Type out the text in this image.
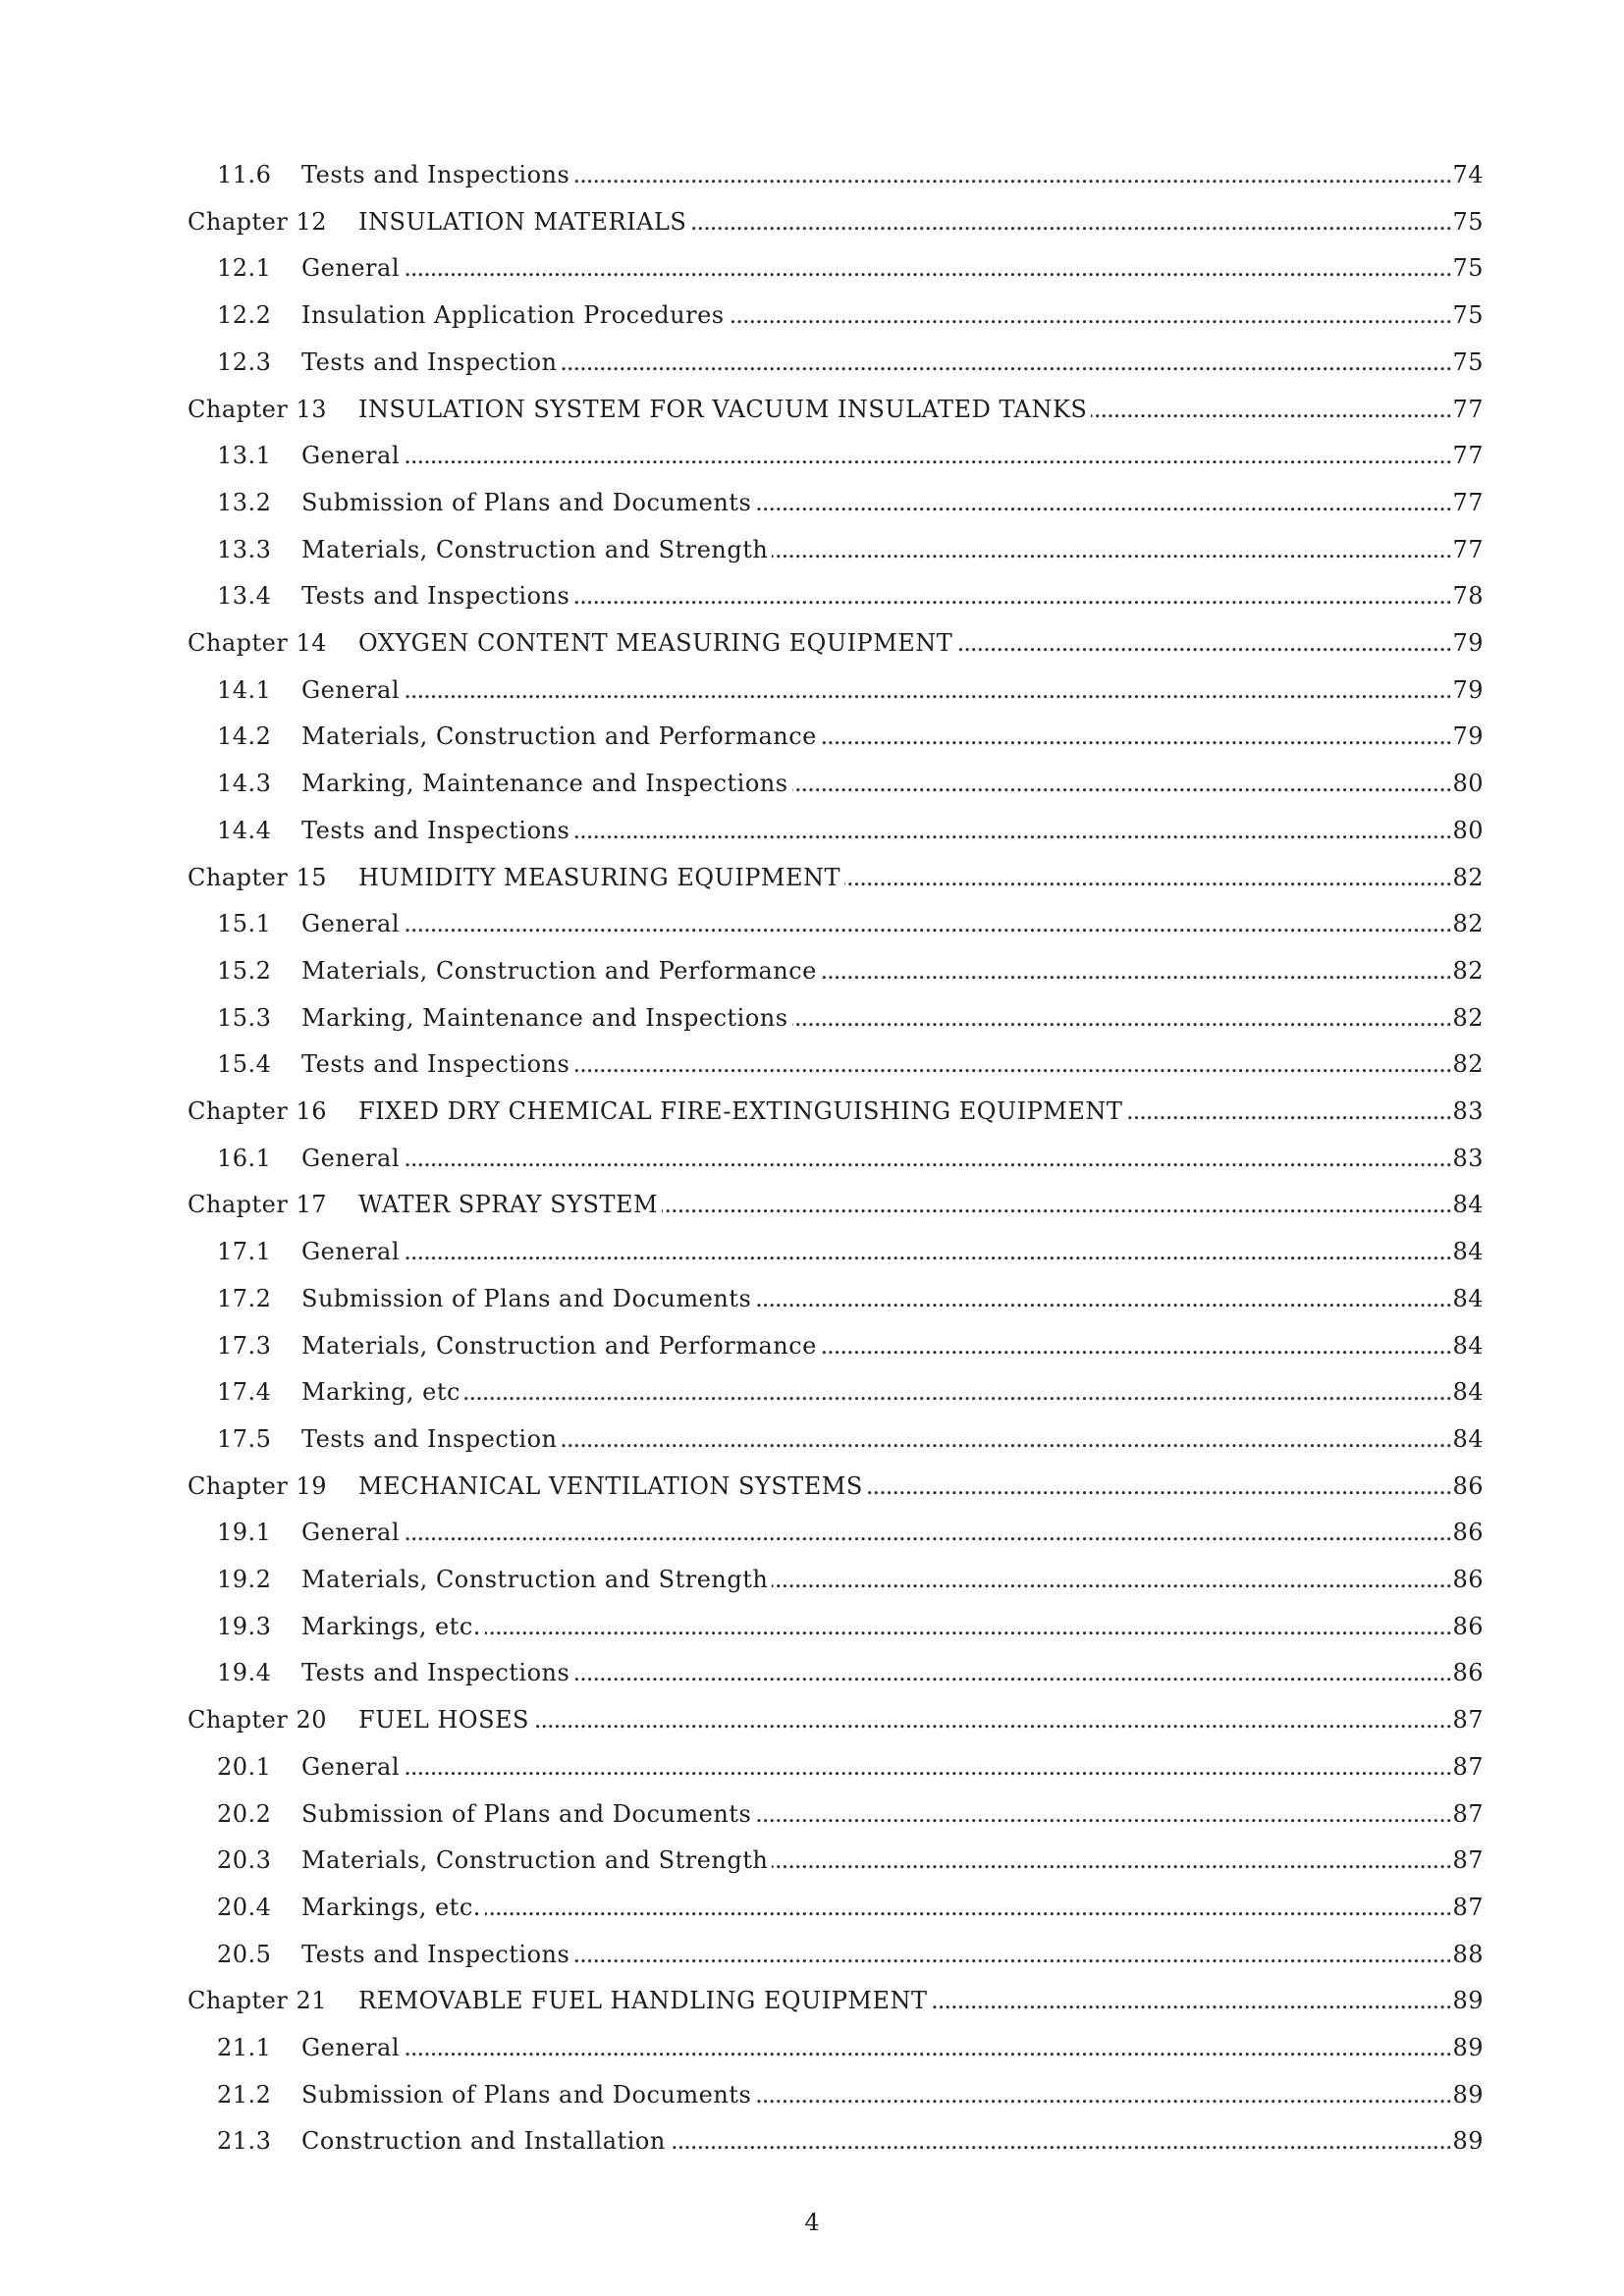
11.6 Tests and Inspections .....	74
Chapter 12 INSULATION MATERIALS .....	75
12.1 General .....	75
12.2 Insulation Application Procedures .....	75
12.3 Tests and Inspection .....	75
Chapter 13 INSULATION SYSTEM FOR VACUUM INSULATED TANKS .....	77
13.1 General .....	77
13.2 Submission of Plans and Documents .....	77
13.3 Materials, Construction and Strength .....	77
13.4 Tests and Inspections .....	78
Chapter 14 OXYGEN CONTENT MEASURING EQUIPMENT .....	79
14.1 General .....	79
14.2 Materials, Construction and Performance .....	79
14.3 Marking, Maintenance and Inspections .....	80
14.4 Tests and Inspections .....	80
Chapter 15 HUMIDITY MEASURING EQUIPMENT .....	82
15.1 General .....	82
15.2 Materials, Construction and Performance .....	82
15.3 Marking, Maintenance and Inspections .....	82
15.4 Tests and Inspections .....	82
Chapter 16 FIXED DRY CHEMICAL FIRE-EXTINGUISHING EQUIPMENT .....	83
16.1 General .....	83
Chapter 17 WATER SPRAY SYSTEM .....	84
17.1 General .....	84
17.2 Submission of Plans and Documents .....	84
17.3 Materials, Construction and Performance .....	84
17.4 Marking, etc .....	84
17.5 Tests and Inspection .....	84
Chapter 19 MECHANICAL VENTILATION SYSTEMS .....	86
19.1 General .....	86
19.2 Materials, Construction and Strength .....	86
19.3 Markings, etc. .....	86
19.4 Tests and Inspections .....	86
Chapter 20 FUEL HOSES .....	87
20.1 General .....	87
20.2 Submission of Plans and Documents .....	87
20.3 Materials, Construction and Strength .....	87
20.4 Markings, etc. .....	87
20.5 Tests and Inspections .....	88
Chapter 21 REMOVABLE FUEL HANDLING EQUIPMENT .....	89
21.1 General .....	89
21.2 Submission of Plans and Documents .....	89
21.3 Construction and Installation .....	89
4
